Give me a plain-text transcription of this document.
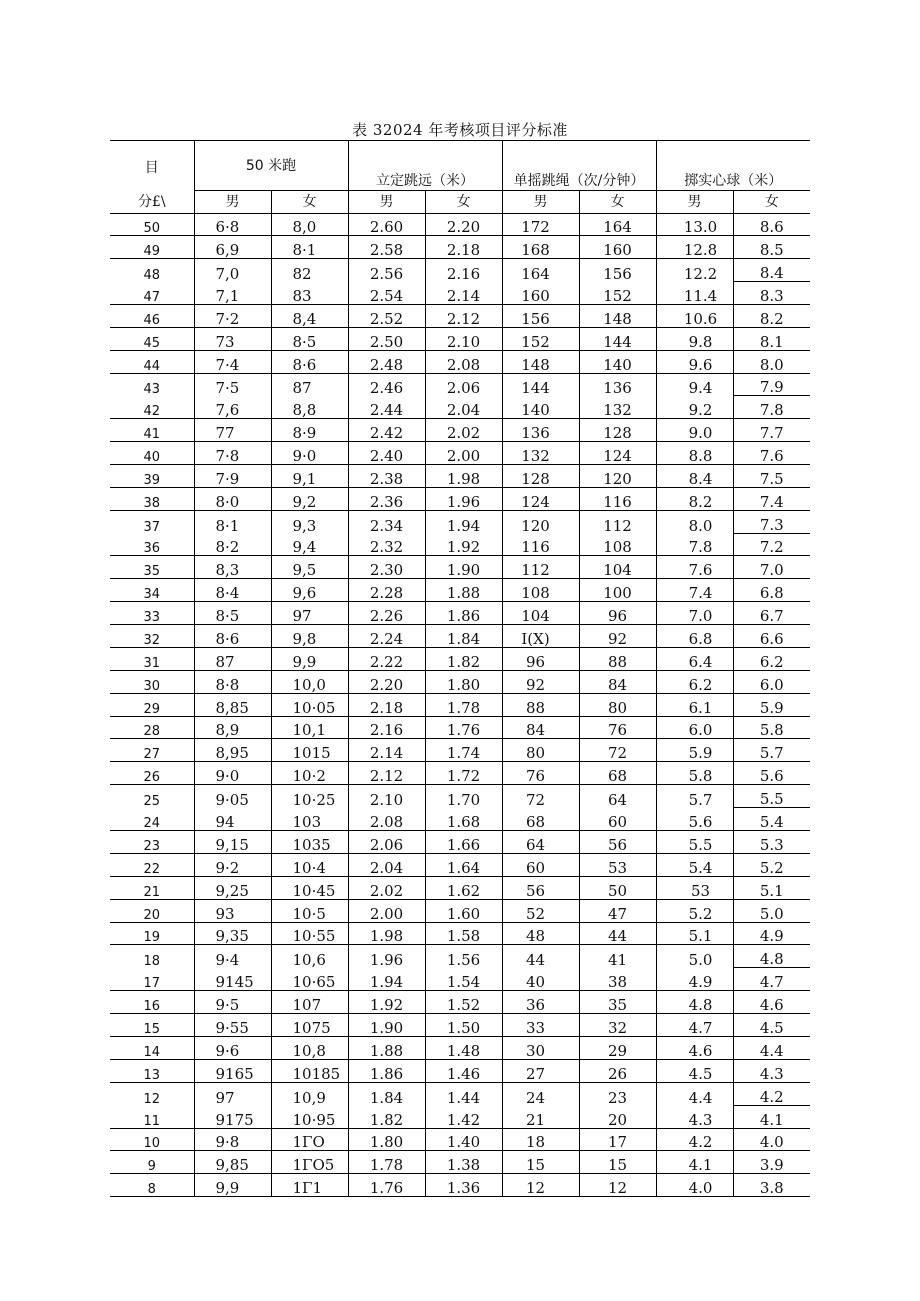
表 32024 年考核项目评分标准
目	50 米跑		立定跳远（米）		单摇跳绳（次/分钟）		掷实心球（米）	
分£\	男	女	男	女	男	女	男	女
50	6·8	8,0	2.60	2.20	172	164	13.0	8.6
49	6,9	8·1	2.58	2.18	168	160	12.8	8.5
48	7,0	82	2.56	2.16	164	156	12.2	8.4
47	7,1	83	2.54	2.14	160	152	11.4	8.3
46	7·2	8,4	2.52	2.12	156	148	10.6	8.2
45	73	8·5	2.50	2.10	152	144	9.8	8.1
44	7·4	8·6	2.48	2.08	148	140	9.6	8.0
43	7·5	87	2.46	2.06	144	136	9.4	7.9
42	7,6	8,8	2.44	2.04	140	132	9.2	7.8
41	77	8·9	2.42	2.02	136	128	9.0	7.7
40	7·8	9·0	2.40	2.00	132	124	8.8	7.6
39	7·9	9,1	2.38	1.98	128	120	8.4	7.5
38	8·0	9,2	2.36	1.96	124	116	8.2	7.4
37	8·1	9,3	2.34	1.94	120	112	8.0	7.3
36	8·2	9,4	2.32	1.92	116	108	7.8	7.2
35	8,3	9,5	2.30	1.90	112	104	7.6	7.0
34	8·4	9,6	2.28	1.88	108	100	7.4	6.8
33	8·5	97	2.26	1.86	104	96	7.0	6.7
32	8·6	9,8	2.24	1.84	I(X)	92	6.8	6.6
31	87	9,9	2.22	1.82	96	88	6.4	6.2
30	8·8	10,0	2.20	1.80	92	84	6.2	6.0
29	8,85	10·05	2.18	1.78	88	80	6.1	5.9
28	8,9	10,1	2.16	1.76	84	76	6.0	5.8
27	8,95	1015	2.14	1.74	80	72	5.9	5.7
26	9·0	10·2	2.12	1.72	76	68	5.8	5.6
25	9·05	10·25	2.10	1.70	72	64	5.7	5.5
24	94	103	2.08	1.68	68	60	5.6	5.4
23	9,15	1035	2.06	1.66	64	56	5.5	5.3
22	9·2	10·4	2.04	1.64	60	53	5.4	5.2
21	9,25	10·45	2.02	1.62	56	50	53	5.1
20	93	10·5	2.00	1.60	52	47	5.2	5.0
19	9,35	10·55	1.98	1.58	48	44	5.1	4.9
18	9·4	10,6	1.96	1.56	44	41	5.0	4.8
17	9145	10·65	1.94	1.54	40	38	4.9	4.7
16	9·5	107	1.92	1.52	36	35	4.8	4.6
15	9·55	1075	1.90	1.50	33	32	4.7	4.5
14	9·6	10,8	1.88	1.48	30	29	4.6	4.4
13	9165	10185	1.86	1.46	27	26	4.5	4.3
12	97	10,9	1.84	1.44	24	23	4.4	4.2
11	9175	10·95	1.82	1.42	21	20	4.3	4.1
10	9·8	1ΓO	1.80	1.40	18	17	4.2	4.0
9	9,85	1ΓO5	1.78	1.38	15	15	4.1	3.9
8	9,9	1Γ1	1.76	1.36	12	12	4.0	3.8
